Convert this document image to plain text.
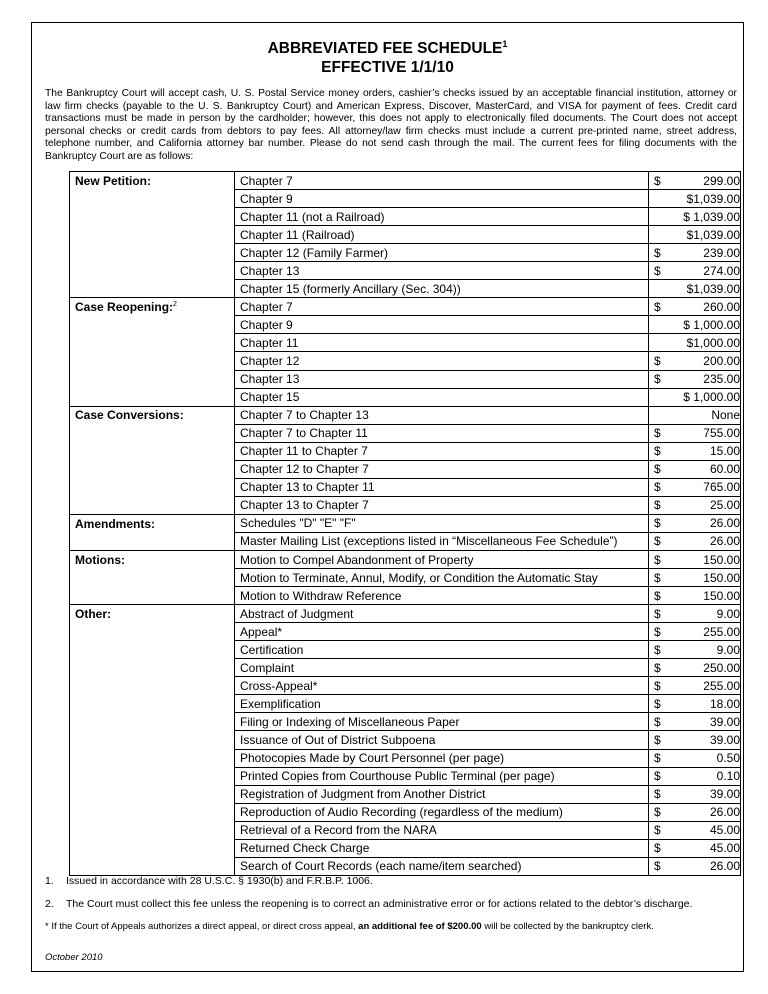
ABBREVIATED FEE SCHEDULE$^1$
EFFECTIVE 1/1/10

The Bankruptcy Court will accept cash, U. S. Postal Service money orders, cashier’s checks issued by an acceptable financial institution, attorney or law firm checks (payable to the U. S. Bankruptcy Court) and American Express, Discover, MasterCard, and VISA for payment of fees. Credit card transactions must be made in person by the cardholder; however, this does not apply to electronically filed documents. The Court does not accept personal checks or credit cards from debtors to pay fees. All attorney/law firm checks must include a current pre-printed name, street address, telephone number, and California attorney bar number. Please do not send cash through the mail. The current fees for filing documents with the Bankruptcy Court are as follows:

New Petition:	Chapter 7	$ 299.00

	Chapter 9	$1,039.00

	Chapter 11 (not a Railroad)	$ 1,039.00

	Chapter 11 (Railroad)	$1,039.00

	Chapter 12 (Family Farmer)	$ 239.00

	Chapter 13	$ 274.00

	Chapter 15 (formerly Ancillary (Sec. 304))	$1,039.00

Case Reopening:$^2$	Chapter 7	$ 260.00

	Chapter 9	$ 1,000.00

	Chapter 11	$1,000.00

	Chapter 12	$ 200.00

	Chapter 13	$ 235.00

	Chapter 15	$ 1,000.00

Case Conversions:	Chapter 7 to Chapter 13	None

	Chapter 7 to Chapter 11	$ 755.00

	Chapter 11 to Chapter 7	$ 15.00

	Chapter 12 to Chapter 7	$ 60.00

	Chapter 13 to Chapter 11	$ 765.00

	Chapter 13 to Chapter 7	$ 25.00

Amendments:	Schedules "D" "E" "F"	$ 26.00

	Master Mailing List (exceptions listed in “Miscellaneous Fee Schedule”)	$ 26.00

Motions:	Motion to Compel Abandonment of Property	$ 150.00

	Motion to Terminate, Annul, Modify, or Condition the Automatic Stay	$ 150.00

	Motion to Withdraw Reference	$ 150.00

Other:	Abstract of Judgment	$ 9.00

	Appeal*	$ 255.00

	Certification	$ 9.00

	Complaint	$ 250.00

	Cross-Appeal*	$ 255.00

	Exemplification	$ 18.00

	Filing or Indexing of Miscellaneous Paper	$ 39.00

	Issuance of Out of District Subpoena	$ 39.00

	Photocopies Made by Court Personnel (per page)	$ 0.50

	Printed Copies from Courthouse Public Terminal (per page)	$ 0.10

	Registration of Judgment from Another District	$ 39.00

	Reproduction of Audio Recording (regardless of the medium)	$ 26.00

	Retrieval of a Record from the NARA	$ 45.00

	Returned Check Charge	$ 45.00

	Search of Court Records (each name/item searched)	$ 26.00
1.	Issued in accordance with 28 U.S.C. § 1930(b) and F.R.B.P. 1006.
2.	The Court must collect this fee unless the reopening is to correct an administrative error or for actions related to the debtor’s discharge.
* If the Court of Appeals authorizes a direct appeal, or direct cross appeal, an additional fee of $200.00 will be collected by the bankruptcy clerk.
October 2010
